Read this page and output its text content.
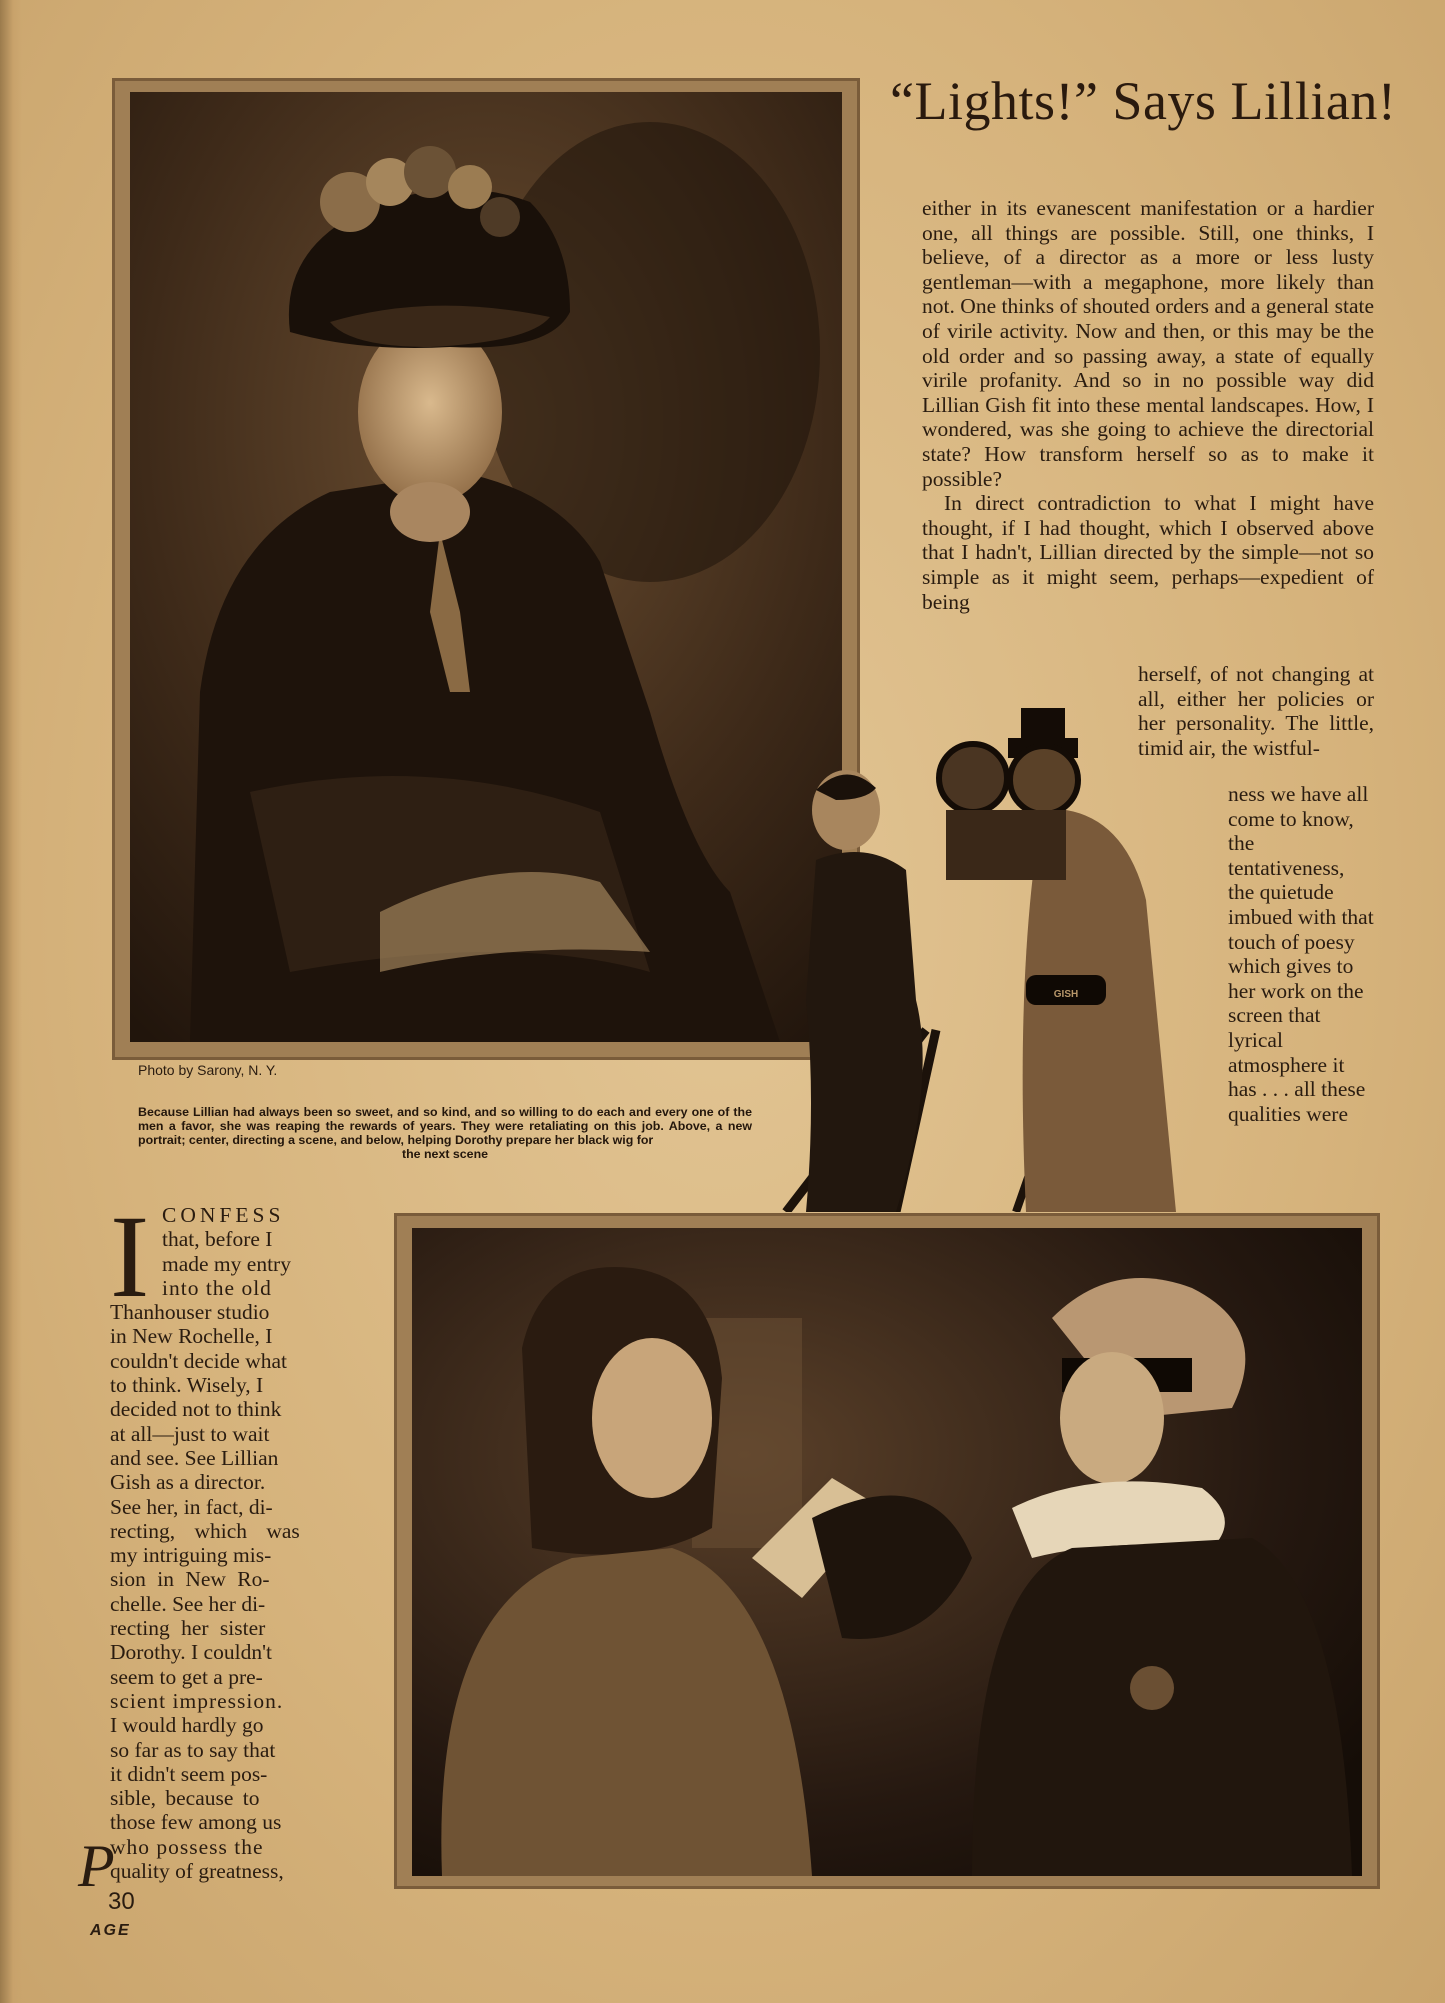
Photo by Sarony, N. Y.
Because Lillian had always been so sweet, and so kind, and so willing to do each and every one of the men a favor, she was reaping the rewards of years. They were retaliating on this job. Above, a new portrait; center, directing a scene, and below, helping Dorothy prepare her black wig for
the next scene
“Lights!” Says Lillian!

either in its evanescent manifestation or a hardier one, all things are possible. Still, one thinks, I believe, of a director as a more or less lusty gentleman—with a megaphone, more likely than not. One thinks of shouted orders and a general state of virile activity. Now and then, or this may be the old order and so passing away, a state of equally virile profanity. And so in no possible way did Lillian Gish fit into these mental landscapes. How, I wondered, was she going to achieve the directorial state? How transform herself so as to make it possible?

In direct contradiction to what I might have thought, if I had thought, which I observed above that I hadn't, Lillian directed by the simple—not so simple as it might seem, perhaps—expedient of being

herself, of not changing at all, either her policies or her personality. The little, timid air, the wistful-

ness we have all come to know, the tentativeness, the quietude imbued with that touch of poesy which gives to her work on the screen that lyrical atmosphere it has . . . all these qualities were

GISH
I CONFESS
that, before I
made my entry
into the old
Thanhouser studio
in New Rochelle, I
couldn't decide what
to think. Wisely, I
decided not to think
at all—just to wait
and see. See Lillian
Gish as a director.
See her, in fact, di-
recting, which was
my intriguing mis-
sion in New Ro-
chelle. See her di-
recting her sister
Dorothy. I couldn't
seem to get a pre-
scient impression.
I would hardly go
so far as to say that
it didn't seem pos-
sible, because to
those few among us
who possess the
quality of greatness,
P
30
AGE
